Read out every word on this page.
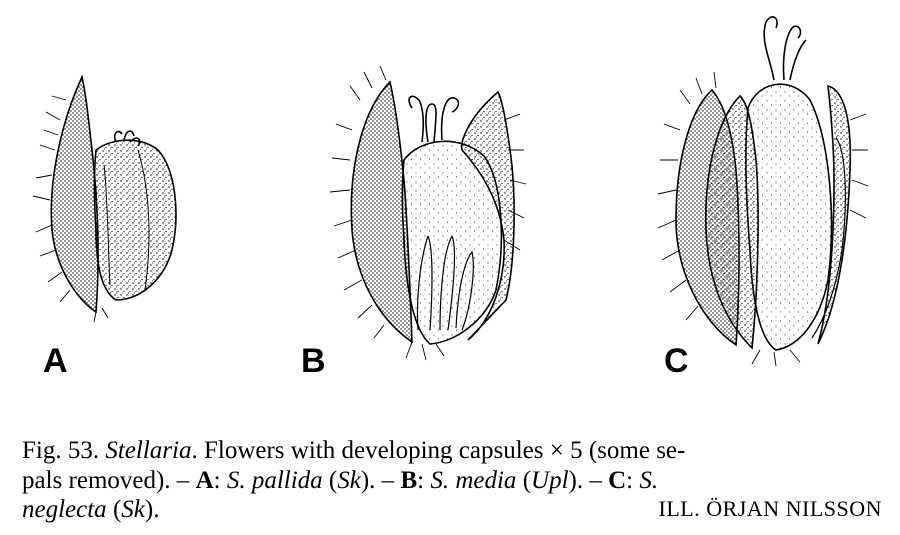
A	B	C
Fig. 53. Stellaria. Flowers with developing capsules × 5 (some se-
pals removed). – A: S. pallida (Sk). – B: S. media (Upl). – C: S.
neglecta (Sk).	ILL. ÖRJAN NILSSON
